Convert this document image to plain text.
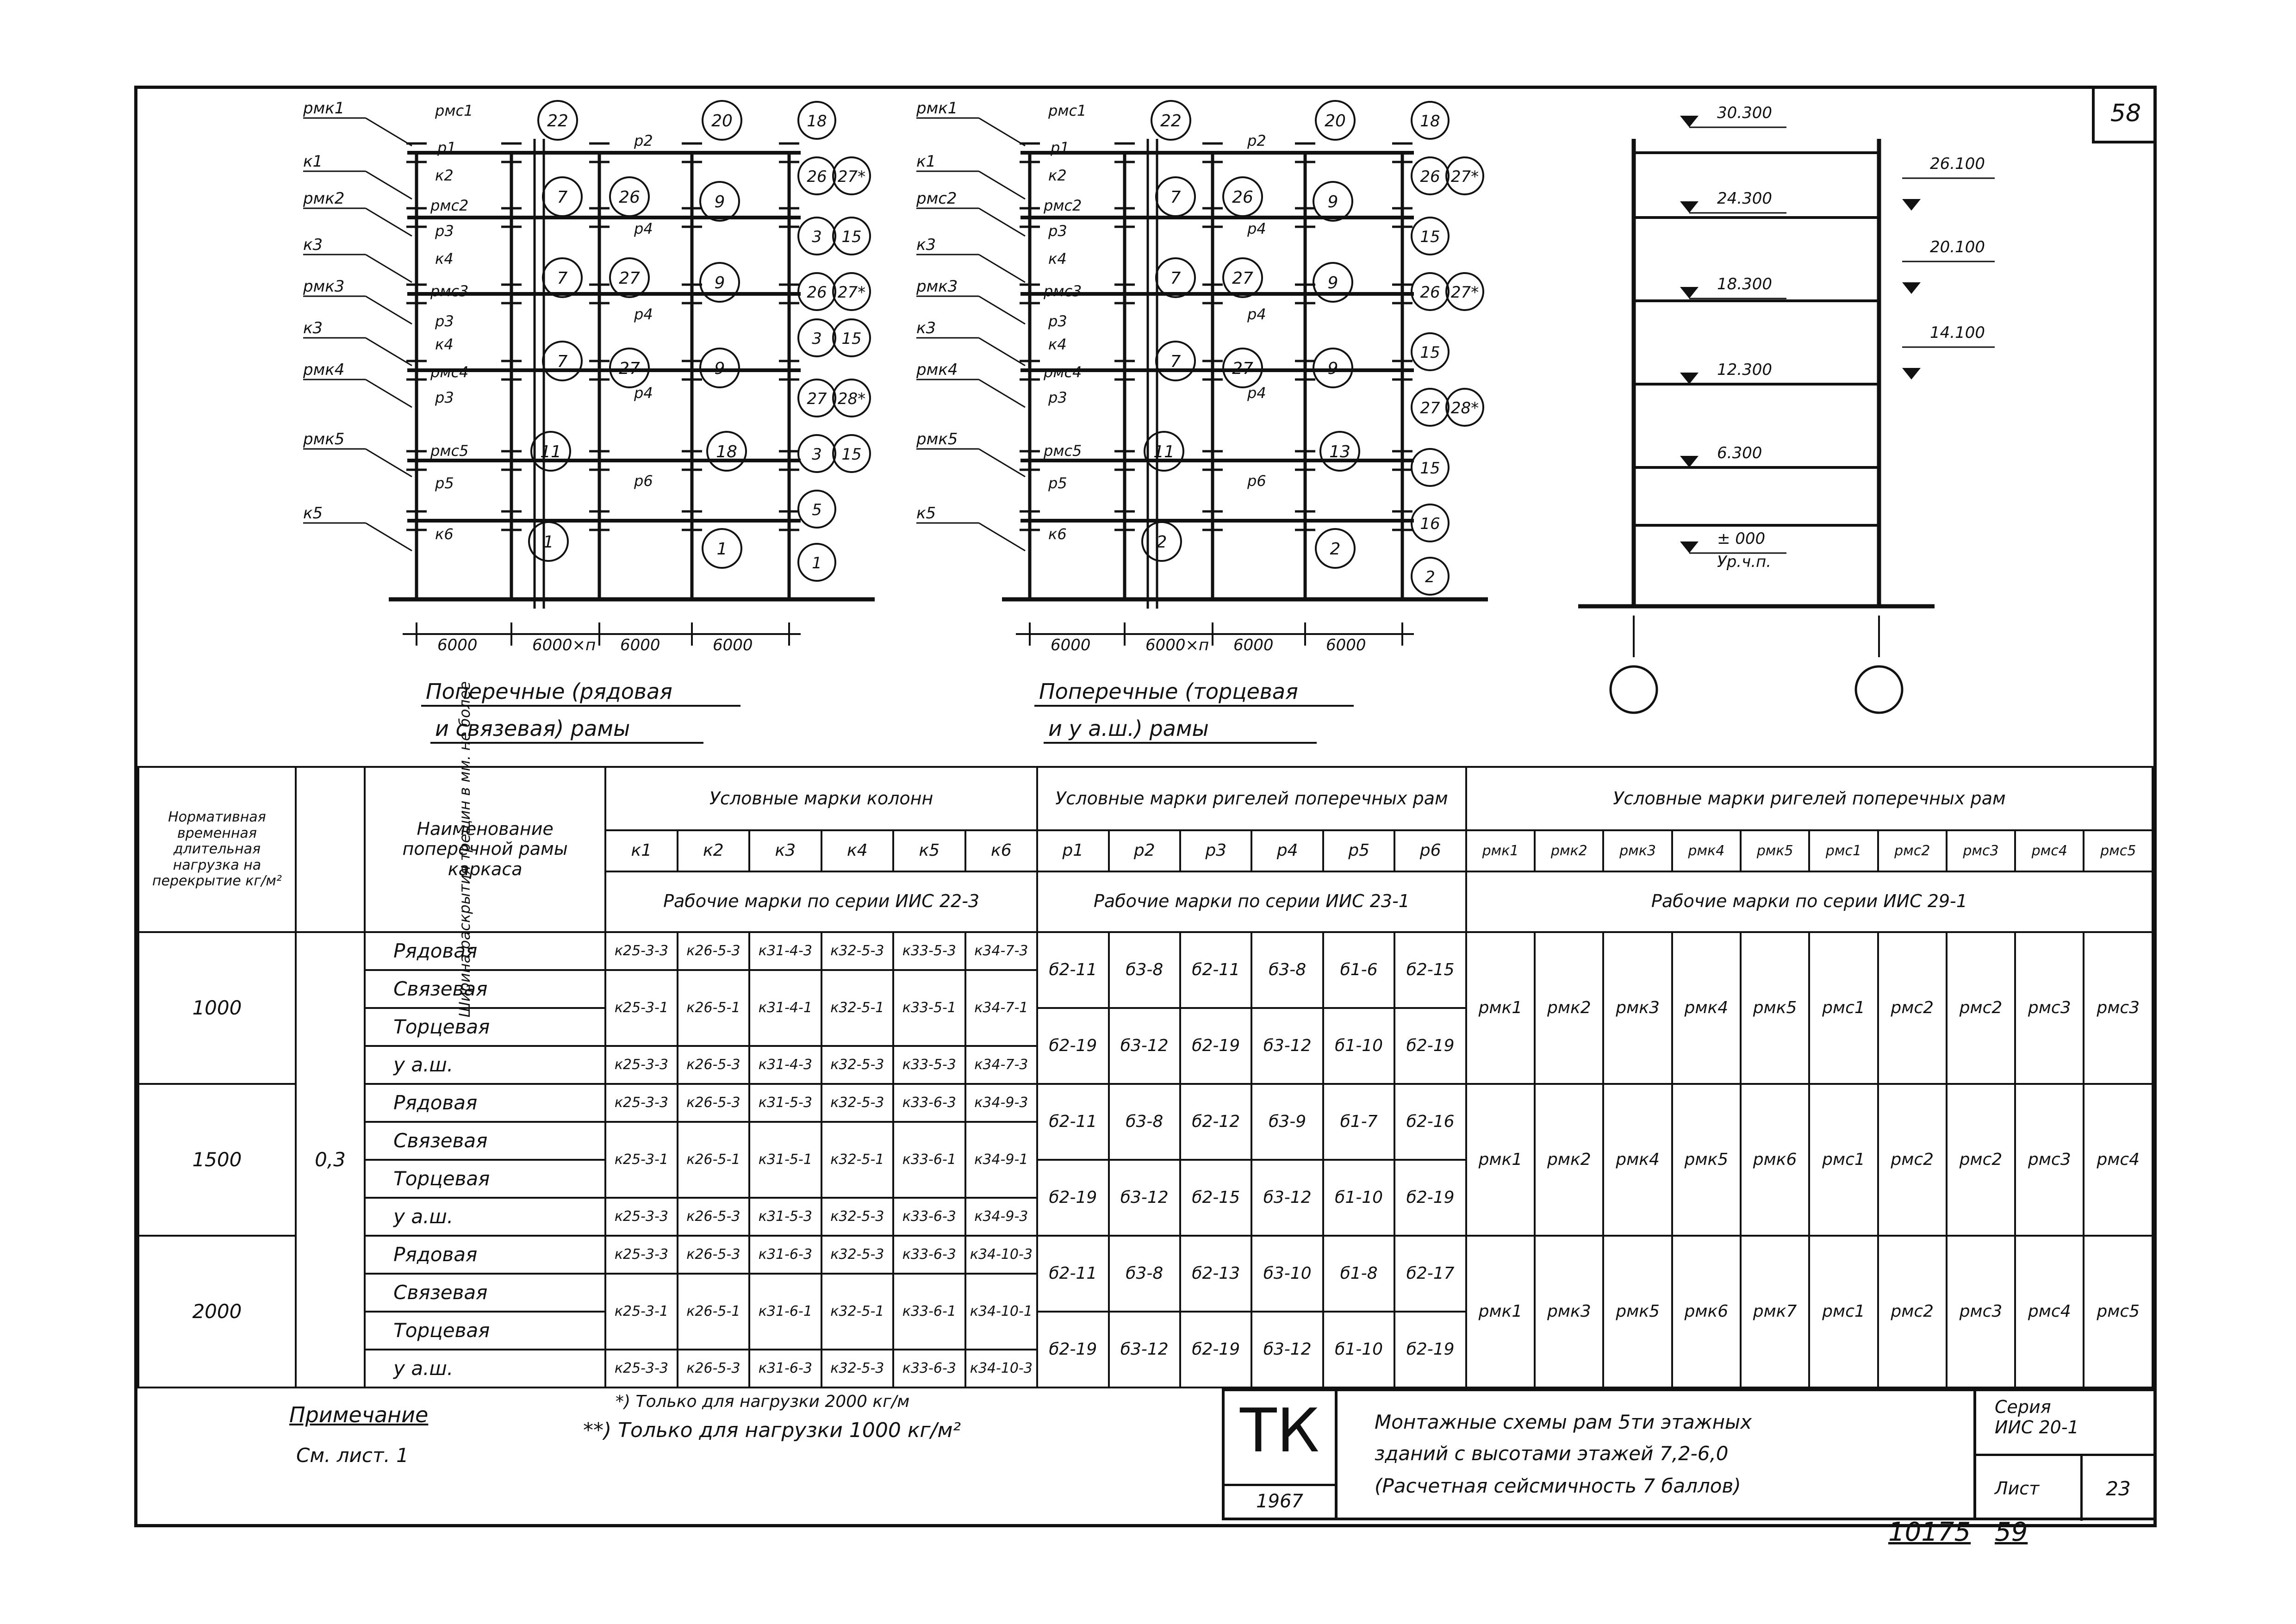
58
6000	6000×п 6000	6000
рмк1
к1
рмк2
к3
рмк3
к3
рмк4
рмк5
к5
рмс1
р1
к2
рмс2
р3
к4
рмс3
р3
к4
рмс4
р3
рмс5
р5
к6
р2
р4
р4
р4
р6
22
7
7
7
11
1
26
27
27
20
9
9
9
18
1
18
26 27*
3 15
26 27*
3 15
27 28*
3 15
5
1
Поперечные (рядовая
и связевая) рамы
6000	6000×п 6000	6000
рмк1
к1
рмс2
к3
рмк3
к3
рмк4
рмк5
к5
рмс1
р1
к2
рмс2
р3
к4
рмс3
р3
к4
рмс4
р3
рмс5
р5
к6
р2
р4
р4
р4
р6
22
7
7
7
11
2
26
27
27
20
9
9
9
13
2
18
26 27*
15
26 27*
15
27 28*
15
16
2
Поперечные (торцевая
и у а.ш.) рамы
30.300
24.300
18.300
12.300
6.300
± 000
Ур.ч.п.
26.100
20.100
14.100
Нормативная временная длительная нагрузка на перекрытие кг/м²	Ширина раскрытия трещин в мм. не более	Наименование поперечной рамы каркаса	Условные марки колонн						Условные марки ригелей поперечных рам						Условные марки ригелей поперечных рам									
			к1	к2	к3	к4	к5	к6	р1	р2	р3	р4	р5	р6	рмк1	рмк2	рмк3	рмк4	рмк5	рмс1	рмс2	рмс3	рмс4	рмс5
			Рабочие марки по серии ИИС 22-3						Рабочие марки по серии ИИС 23-1						Рабочие марки по серии ИИС 29-1									
1000	0,3	Рядовая	к25-3-3	к26-5-3	к31-4-3	к32-5-3	к33-5-3	к34-7-3	б2-11	б3-8	б2-11	б3-8	б1-6	б2-15	рмк1	рмк2	рмк3	рмк4	рмк5	рмс1	рмс2	рмс2	рмс3	рмс3
		Связевая	к25-3-1	к26-5-1	к31-4-1	к32-5-1	к33-5-1	к34-7-1																
		Торцевая							б2-19	б3-12	б2-19	б3-12	б1-10	б2-19										
		у а.ш.	к25-3-3	к26-5-3	к31-4-3	к32-5-3	к33-5-3	к34-7-3																
1500		Рядовая	к25-3-3	к26-5-3	к31-5-3	к32-5-3	к33-6-3	к34-9-3	б2-11	б3-8	б2-12	б3-9	б1-7	б2-16	рмк1	рмк2	рмк4	рмк5	рмк6	рмс1	рмс2	рмс2	рмс3	рмс4
		Связевая	к25-3-1	к26-5-1	к31-5-1	к32-5-1	к33-6-1	к34-9-1																
		Торцевая							б2-19	б3-12	б2-15	б3-12	б1-10	б2-19										
		у а.ш.	к25-3-3	к26-5-3	к31-5-3	к32-5-3	к33-6-3	к34-9-3																
2000		Рядовая	к25-3-3	к26-5-3	к31-6-3	к32-5-3	к33-6-3	к34-10-3	б2-11	б3-8	б2-13	б3-10	б1-8	б2-17	рмк1	рмк3	рмк5	рмк6	рмк7	рмс1	рмс2	рмс3	рмс4	рмс5
		Связевая	к25-3-1	к26-5-1	к31-6-1	к32-5-1	к33-6-1	к34-10-1																
		Торцевая							б2-19	б3-12	б2-19	б3-12	б1-10	б2-19										
		у а.ш.	к25-3-3	к26-5-3	к31-6-3	к32-5-3	к33-6-3	к34-10-3																
Примечание
См. лист. 1
*) Только для нагрузки 2000 кг/м
**) Только для нагрузки 1000 кг/м²	ТК
1967
Монтажные схемы рам 5ти этажных
зданий с высотами этажей 7,2-6,0
(Расчетная сейсмичность 7 баллов)
Серия
ИИС 20-1
Лист	23
10175 59
